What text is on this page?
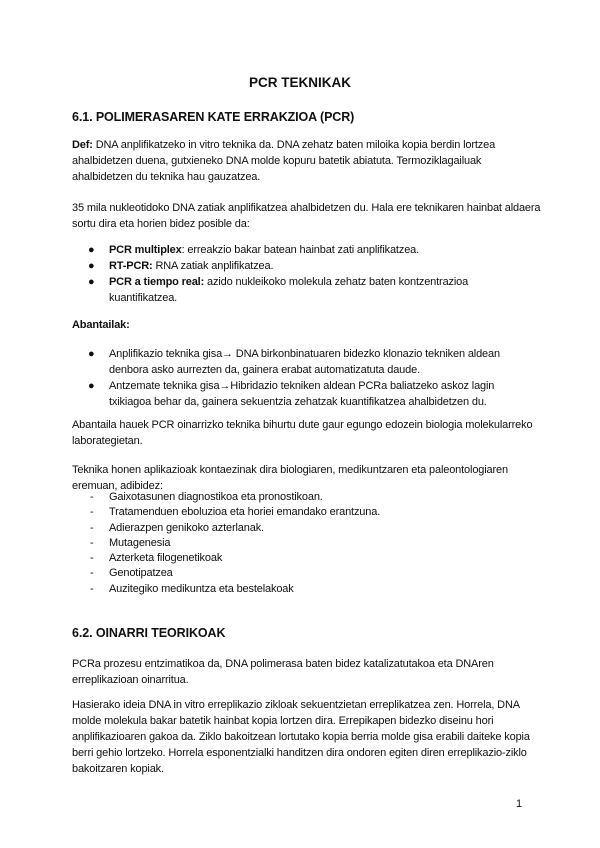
PCR TEKNIKAK
6.1. POLIMERASAREN KATE ERRAKZIOA (PCR)

Def: DNA anplifikatzeko in vitro teknika da. DNA zehatz baten miloika kopia berdin lortzea ahalbidetzen duena, gutxieneko DNA molde kopuru batetik abiatuta. Termoziklagailuak ahalbidetzen du teknika hau gauzatzea.

35 mila nukleotidoko DNA zatiak anplifikatzea ahalbidetzen du. Hala ere teknikaren hainbat aldaera sortu dira eta horien bidez posible da:

● PCR multiplex: erreakzio bakar batean hainbat zati anplifikatzea.
● RT-PCR: RNA zatiak anplifikatzea.
● PCR a tiempo real: azido nukleikoko molekula zehatz baten kontzentrazioa kuantifikatzea.

Abantailak:

● Anplifikazio teknika gisa→ DNA birkonbinatuaren bidezko klonazio tekniken aldean denbora asko aurrezten da, gainera erabat automatizatuta daude.
● Antzemate teknika gisa→Hibridazio tekniken aldean PCRa baliatzeko askoz lagin txikiagoa behar da, gainera sekuentzia zehatzak kuantifikatzea ahalbidetzen du.

Abantaila hauek PCR oinarrizko teknika bihurtu dute gaur egungo edozein biologia molekularreko laborategietan.

Teknika honen aplikazioak kontaezinak dira biologiaren, medikuntzaren eta paleontologiaren eremuan, adibidez:

- Gaixotasunen diagnostikoa eta pronostikoan.
- Tratamenduen eboluzioa eta horiei emandako erantzuna.
- Adierazpen genikoko azterlanak.
- Mutagenesia
- Azterketa filogenetikoak
- Genotipatzea
- Auzitegiko medikuntza eta bestelakoak
6.2. OINARRI TEORIKOAK

PCRa prozesu entzimatikoa da, DNA polimerasa baten bidez katalizatutakoa eta DNAren erreplikazioan oinarritua.

Hasierako ideia DNA in vitro erreplikazio zikloak sekuentzietan erreplikatzea zen. Horrela, DNA molde molekula bakar batetik hainbat kopia lortzen dira. Errepikapen bidezko diseinu hori anplifikazioaren gakoa da. Ziklo bakoitzean lortutako kopia berria molde gisa erabili daiteke kopia berri gehio lortzeko. Horrela esponentzialki handitzen dira ondoren egiten diren erreplikazio-ziklo bakoitzaren kopiak.

1
